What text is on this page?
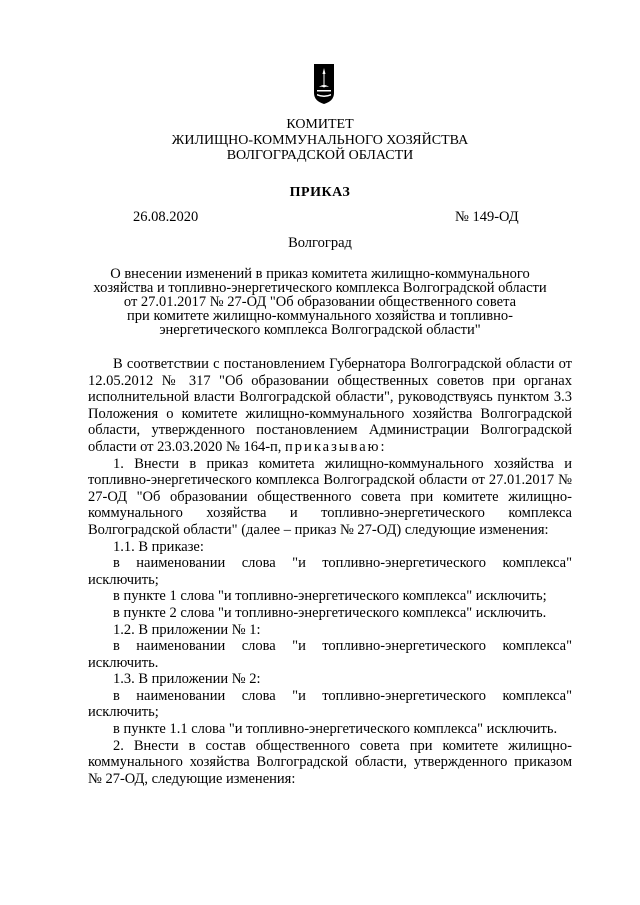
КОМИТЕТ
ЖИЛИЩНО-КОММУНАЛЬНОГО ХОЗЯЙСТВА
ВОЛГОГРАДСКОЙ ОБЛАСТИ
ПРИКАЗ
26.08.2020	№ 149-ОД
Волгоград
О внесении изменений в приказ комитета жилищно-коммунального
хозяйства и топливно-энергетического комплекса Волгоградской области
от 27.01.2017 № 27-ОД "Об образовании общественного совета
при комитете жилищно-коммунального хозяйства и топливно-
энергетического комплекса Волгоградской области"

В соответствии с постановлением Губернатора Волгоградской области от 12.05.2012 № 317 "Об образовании общественных советов при органах исполнительной власти Волгоградской области", руководствуясь пунктом 3.3 Положения о комитете жилищно-коммунального хозяйства Волгоградской области, утвержденного постановлением Администрации Волгоградской области от 23.03.2020 № 164-п, приказываю:

1. Внести в приказ комитета жилищно-коммунального хозяйства и топливно-энергетического комплекса Волгоградской области от 27.01.2017 № 27-ОД "Об образовании общественного совета при комитете жилищно-коммунального хозяйства и топливно-энергетического комплекса Волгоградской области" (далее – приказ № 27-ОД) следующие изменения:

1.1. В приказе:

в наименовании слова "и топливно-энергетического комплекса" исключить;

в пункте 1 слова "и топливно-энергетического комплекса" исключить;

в пункте 2 слова "и топливно-энергетического комплекса" исключить.

1.2. В приложении № 1:

в наименовании слова "и топливно-энергетического комплекса" исключить.

1.3. В приложении № 2:

в наименовании слова "и топливно-энергетического комплекса" исключить;

в пункте 1.1 слова "и топливно-энергетического комплекса" исключить.

2. Внести в состав общественного совета при комитете жилищно-коммунального хозяйства Волгоградской области, утвержденного приказом № 27-ОД, следующие изменения:
